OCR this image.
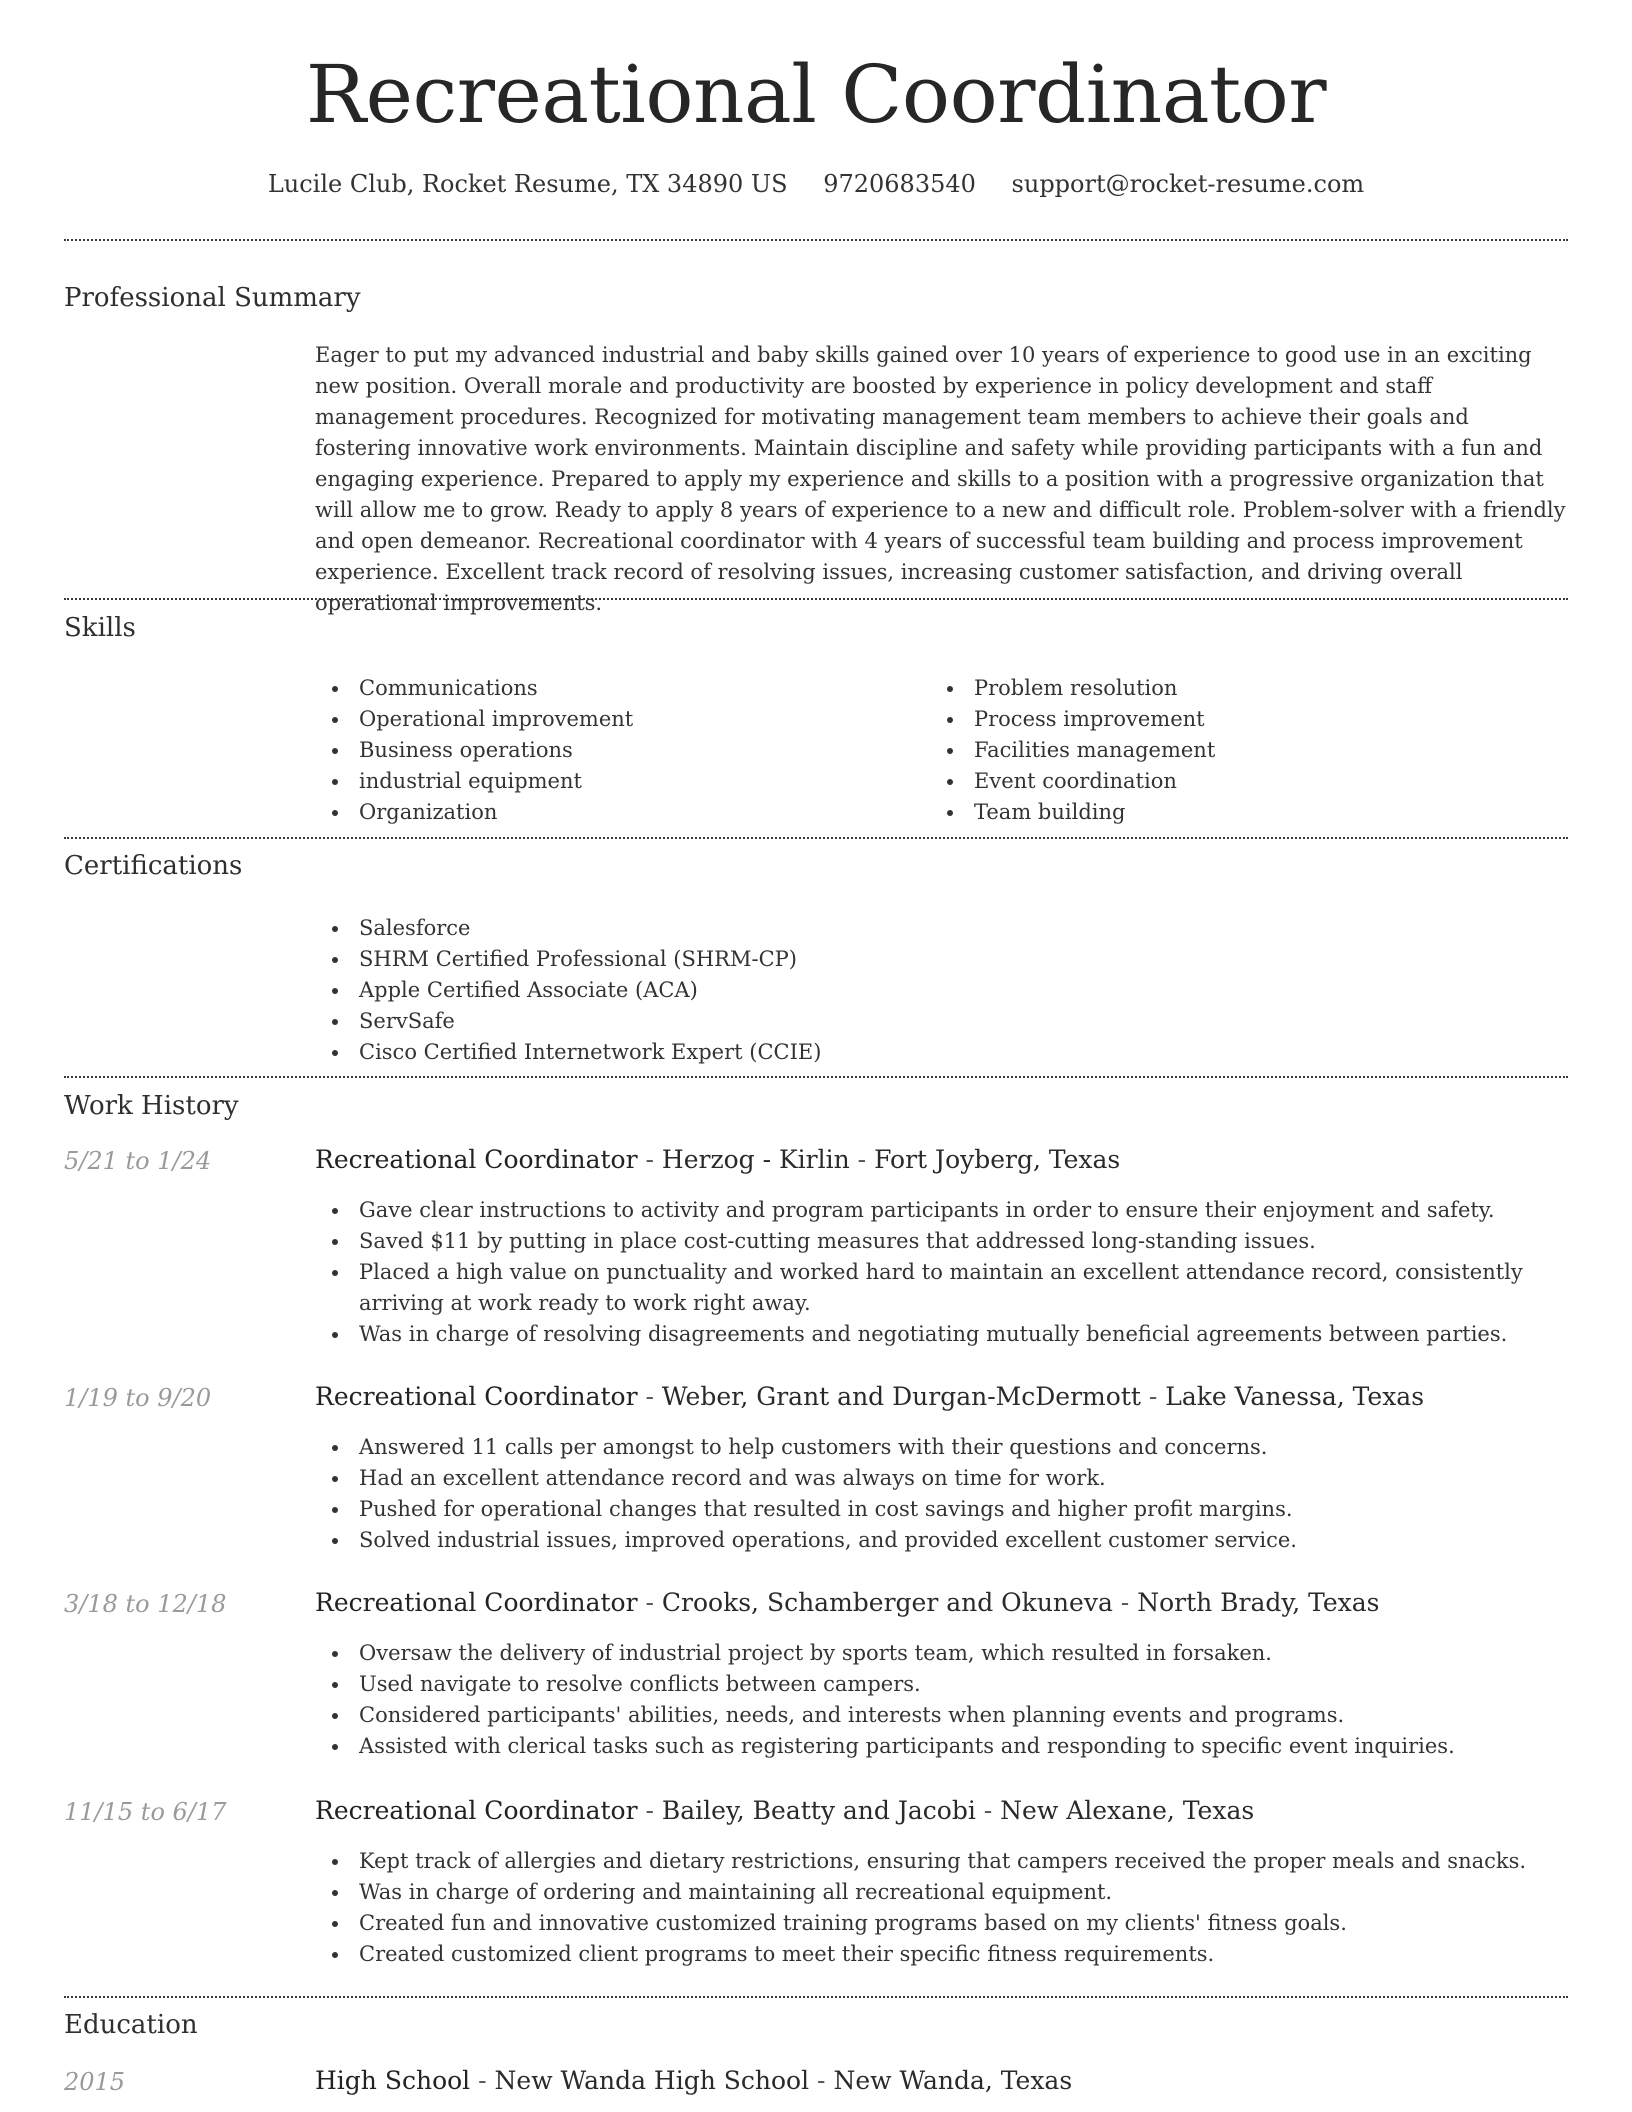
Recreational Coordinator
Lucile Club, Rocket Resume, TX 34890 US 9720683540 support@rocket-resume.com
Professional Summary
Eager to put my advanced industrial and baby skills gained over 10 years of experience to good use in an exciting new position. Overall morale and productivity are boosted by experience in policy development and staff management procedures. Recognized for motivating management team members to achieve their goals and fostering innovative work environments. Maintain discipline and safety while providing participants with a fun and engaging experience. Prepared to apply my experience and skills to a position with a progressive organization that will allow me to grow. Ready to apply 8 years of experience to a new and difficult role. Problem-solver with a friendly and open demeanor. Recreational coordinator with 4 years of successful team building and process improvement experience. Excellent track record of resolving issues, increasing customer satisfaction, and driving overall operational improvements.
Skills
Communications
Operational improvement
Business operations
industrial equipment
Organization
Problem resolution
Process improvement
Facilities management
Event coordination
Team building
Certifications
Salesforce
SHRM Certified Professional (SHRM-CP)
Apple Certified Associate (ACA)
ServSafe
Cisco Certified Internetwork Expert (CCIE)
Work History
5/21 to 1/24	Recreational Coordinator - Herzog - Kirlin - Fort Joyberg, Texas
Gave clear instructions to activity and program participants in order to ensure their enjoyment and safety.
Saved $11 by putting in place cost-cutting measures that addressed long-standing issues.
Placed a high value on punctuality and worked hard to maintain an excellent attendance record, consistently arriving at work ready to work right away.
Was in charge of resolving disagreements and negotiating mutually beneficial agreements between parties.
1/19 to 9/20	Recreational Coordinator - Weber, Grant and Durgan-McDermott - Lake Vanessa, Texas
Answered 11 calls per amongst to help customers with their questions and concerns.
Had an excellent attendance record and was always on time for work.
Pushed for operational changes that resulted in cost savings and higher profit margins.
Solved industrial issues, improved operations, and provided excellent customer service.
3/18 to 12/18	Recreational Coordinator - Crooks, Schamberger and Okuneva - North Brady, Texas
Oversaw the delivery of industrial project by sports team, which resulted in forsaken.
Used navigate to resolve conflicts between campers.
Considered participants' abilities, needs, and interests when planning events and programs.
Assisted with clerical tasks such as registering participants and responding to specific event inquiries.
11/15 to 6/17	Recreational Coordinator - Bailey, Beatty and Jacobi - New Alexane, Texas
Kept track of allergies and dietary restrictions, ensuring that campers received the proper meals and snacks.
Was in charge of ordering and maintaining all recreational equipment.
Created fun and innovative customized training programs based on my clients' fitness goals.
Created customized client programs to meet their specific fitness requirements.
Education
2015	High School - New Wanda High School - New Wanda, Texas
